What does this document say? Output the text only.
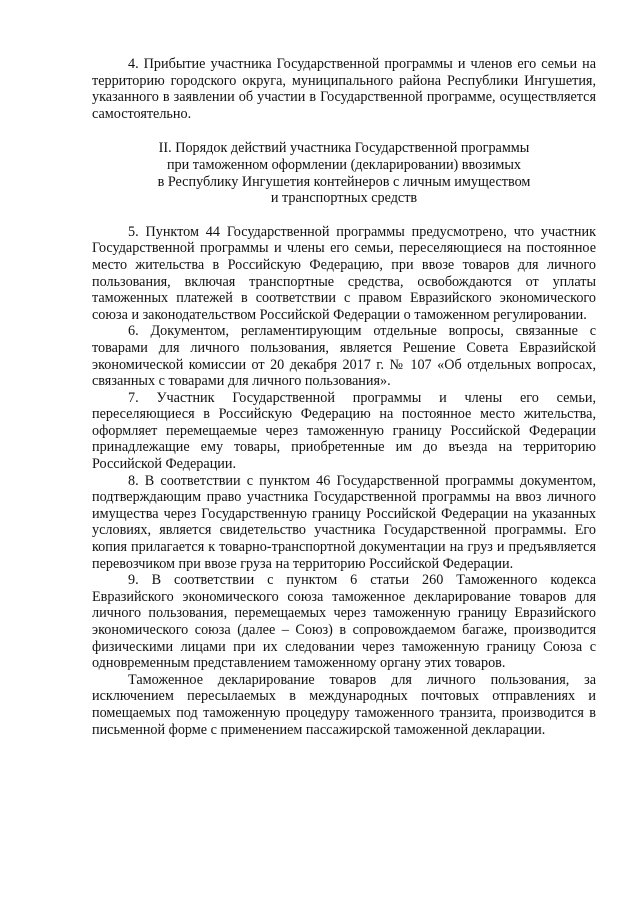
4. Прибытие участника Государственной программы и членов его семьи на территорию городского округа, муниципального района Республики Ингушетия, указанного в заявлении об участии в Государственной программе, осуществляется самостоятельно.

II. Порядок действий участника Государственной программы
при таможенном оформлении (декларировании) ввозимых
в Республику Ингушетия контейнеров с личным имуществом
и транспортных средств

5. Пунктом 44 Государственной программы предусмотрено, что участник Государственной программы и члены его семьи, переселяющиеся на постоянное место жительства в Российскую Федерацию, при ввозе товаров для личного пользования, включая транспортные средства, освобождаются от уплаты таможенных платежей в соответствии с правом Евразийского экономического союза и законодательством Российской Федерации о таможенном регулировании.

6. Документом, регламентирующим отдельные вопросы, связанные с товарами для личного пользования, является Решение Совета Евразийской экономической комиссии от 20 декабря 2017 г. № 107 «Об отдельных вопросах, связанных с товарами для личного пользования».

7. Участник Государственной программы и члены его семьи, переселяющиеся в Российскую Федерацию на постоянное место жительства, оформляет перемещаемые через таможенную границу Российской Федерации принадлежащие ему товары, приобретенные им до въезда на территорию Российской Федерации.

8. В соответствии с пунктом 46 Государственной программы документом, подтверждающим право участника Государственной программы на ввоз личного имущества через Государственную границу Российской Федерации на указанных условиях, является свидетельство участника Государственной программы. Его копия прилагается к товарно-транспортной документации на груз и предъявляется перевозчиком при ввозе груза на территорию Российской Федерации.

9. В соответствии с пунктом 6 статьи 260 Таможенного кодекса Евразийского экономического союза таможенное декларирование товаров для личного пользования, перемещаемых через таможенную границу Евразийского экономического союза (далее – Союз) в сопровождаемом багаже, производится физическими лицами при их следовании через таможенную границу Союза с одновременным представлением таможенному органу этих товаров.

Таможенное декларирование товаров для личного пользования, за исключением пересылаемых в международных почтовых отправлениях и помещаемых под таможенную процедуру таможенного транзита, производится в письменной форме с применением пассажирской таможенной декларации.
